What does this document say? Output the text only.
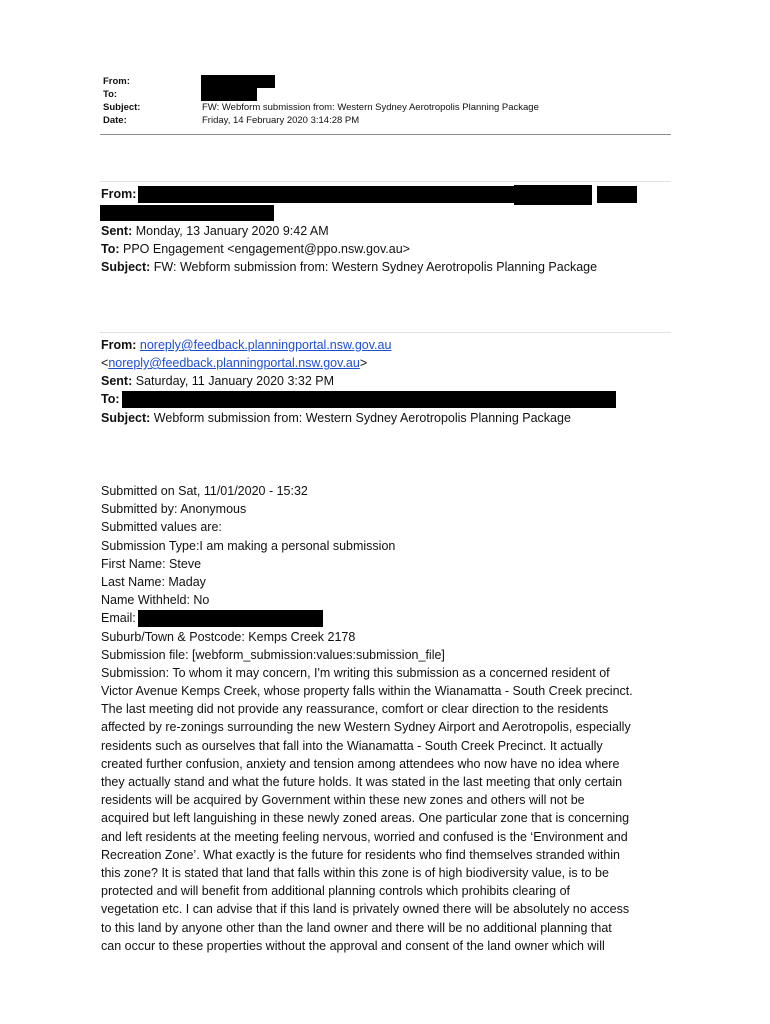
From:
To:
Subject:	FW: Webform submission from: Western Sydney Aerotropolis Planning Package
Date:	Friday, 14 February 2020 3:14:28 PM
From:
Sent: Monday, 13 January 2020 9:42 AM
To: PPO Engagement <engagement@ppo.nsw.gov.au>
Subject: FW: Webform submission from: Western Sydney Aerotropolis Planning Package
From: noreply@feedback.planningportal.nsw.gov.au
<noreply@feedback.planningportal.nsw.gov.au>
Sent: Saturday, 11 January 2020 3:32 PM
To:
Subject: Webform submission from: Western Sydney Aerotropolis Planning Package
Submitted on Sat, 11/01/2020 - 15:32
Submitted by: Anonymous
Submitted values are:
Submission Type:I am making a personal submission
First Name: Steve
Last Name: Maday
Name Withheld: No
Email:
Suburb/Town & Postcode: Kemps Creek 2178
Submission file: [webform_submission:values:submission_file]
Submission: To whom it may concern, I'm writing this submission as a concerned resident of
Victor Avenue Kemps Creek, whose property falls within the Wianamatta - South Creek precinct.
The last meeting did not provide any reassurance, comfort or clear direction to the residents
affected by re-zonings surrounding the new Western Sydney Airport and Aerotropolis, especially
residents such as ourselves that fall into the Wianamatta - South Creek Precinct. It actually
created further confusion, anxiety and tension among attendees who now have no idea where
they actually stand and what the future holds. It was stated in the last meeting that only certain
residents will be acquired by Government within these new zones and others will not be
acquired but left languishing in these newly zoned areas. One particular zone that is concerning
and left residents at the meeting feeling nervous, worried and confused is the ‘Environment and
Recreation Zone’. What exactly is the future for residents who find themselves stranded within
this zone? It is stated that land that falls within this zone is of high biodiversity value, is to be
protected and will benefit from additional planning controls which prohibits clearing of
vegetation etc. I can advise that if this land is privately owned there will be absolutely no access
to this land by anyone other than the land owner and there will be no additional planning that
can occur to these properties without the approval and consent of the land owner which will
